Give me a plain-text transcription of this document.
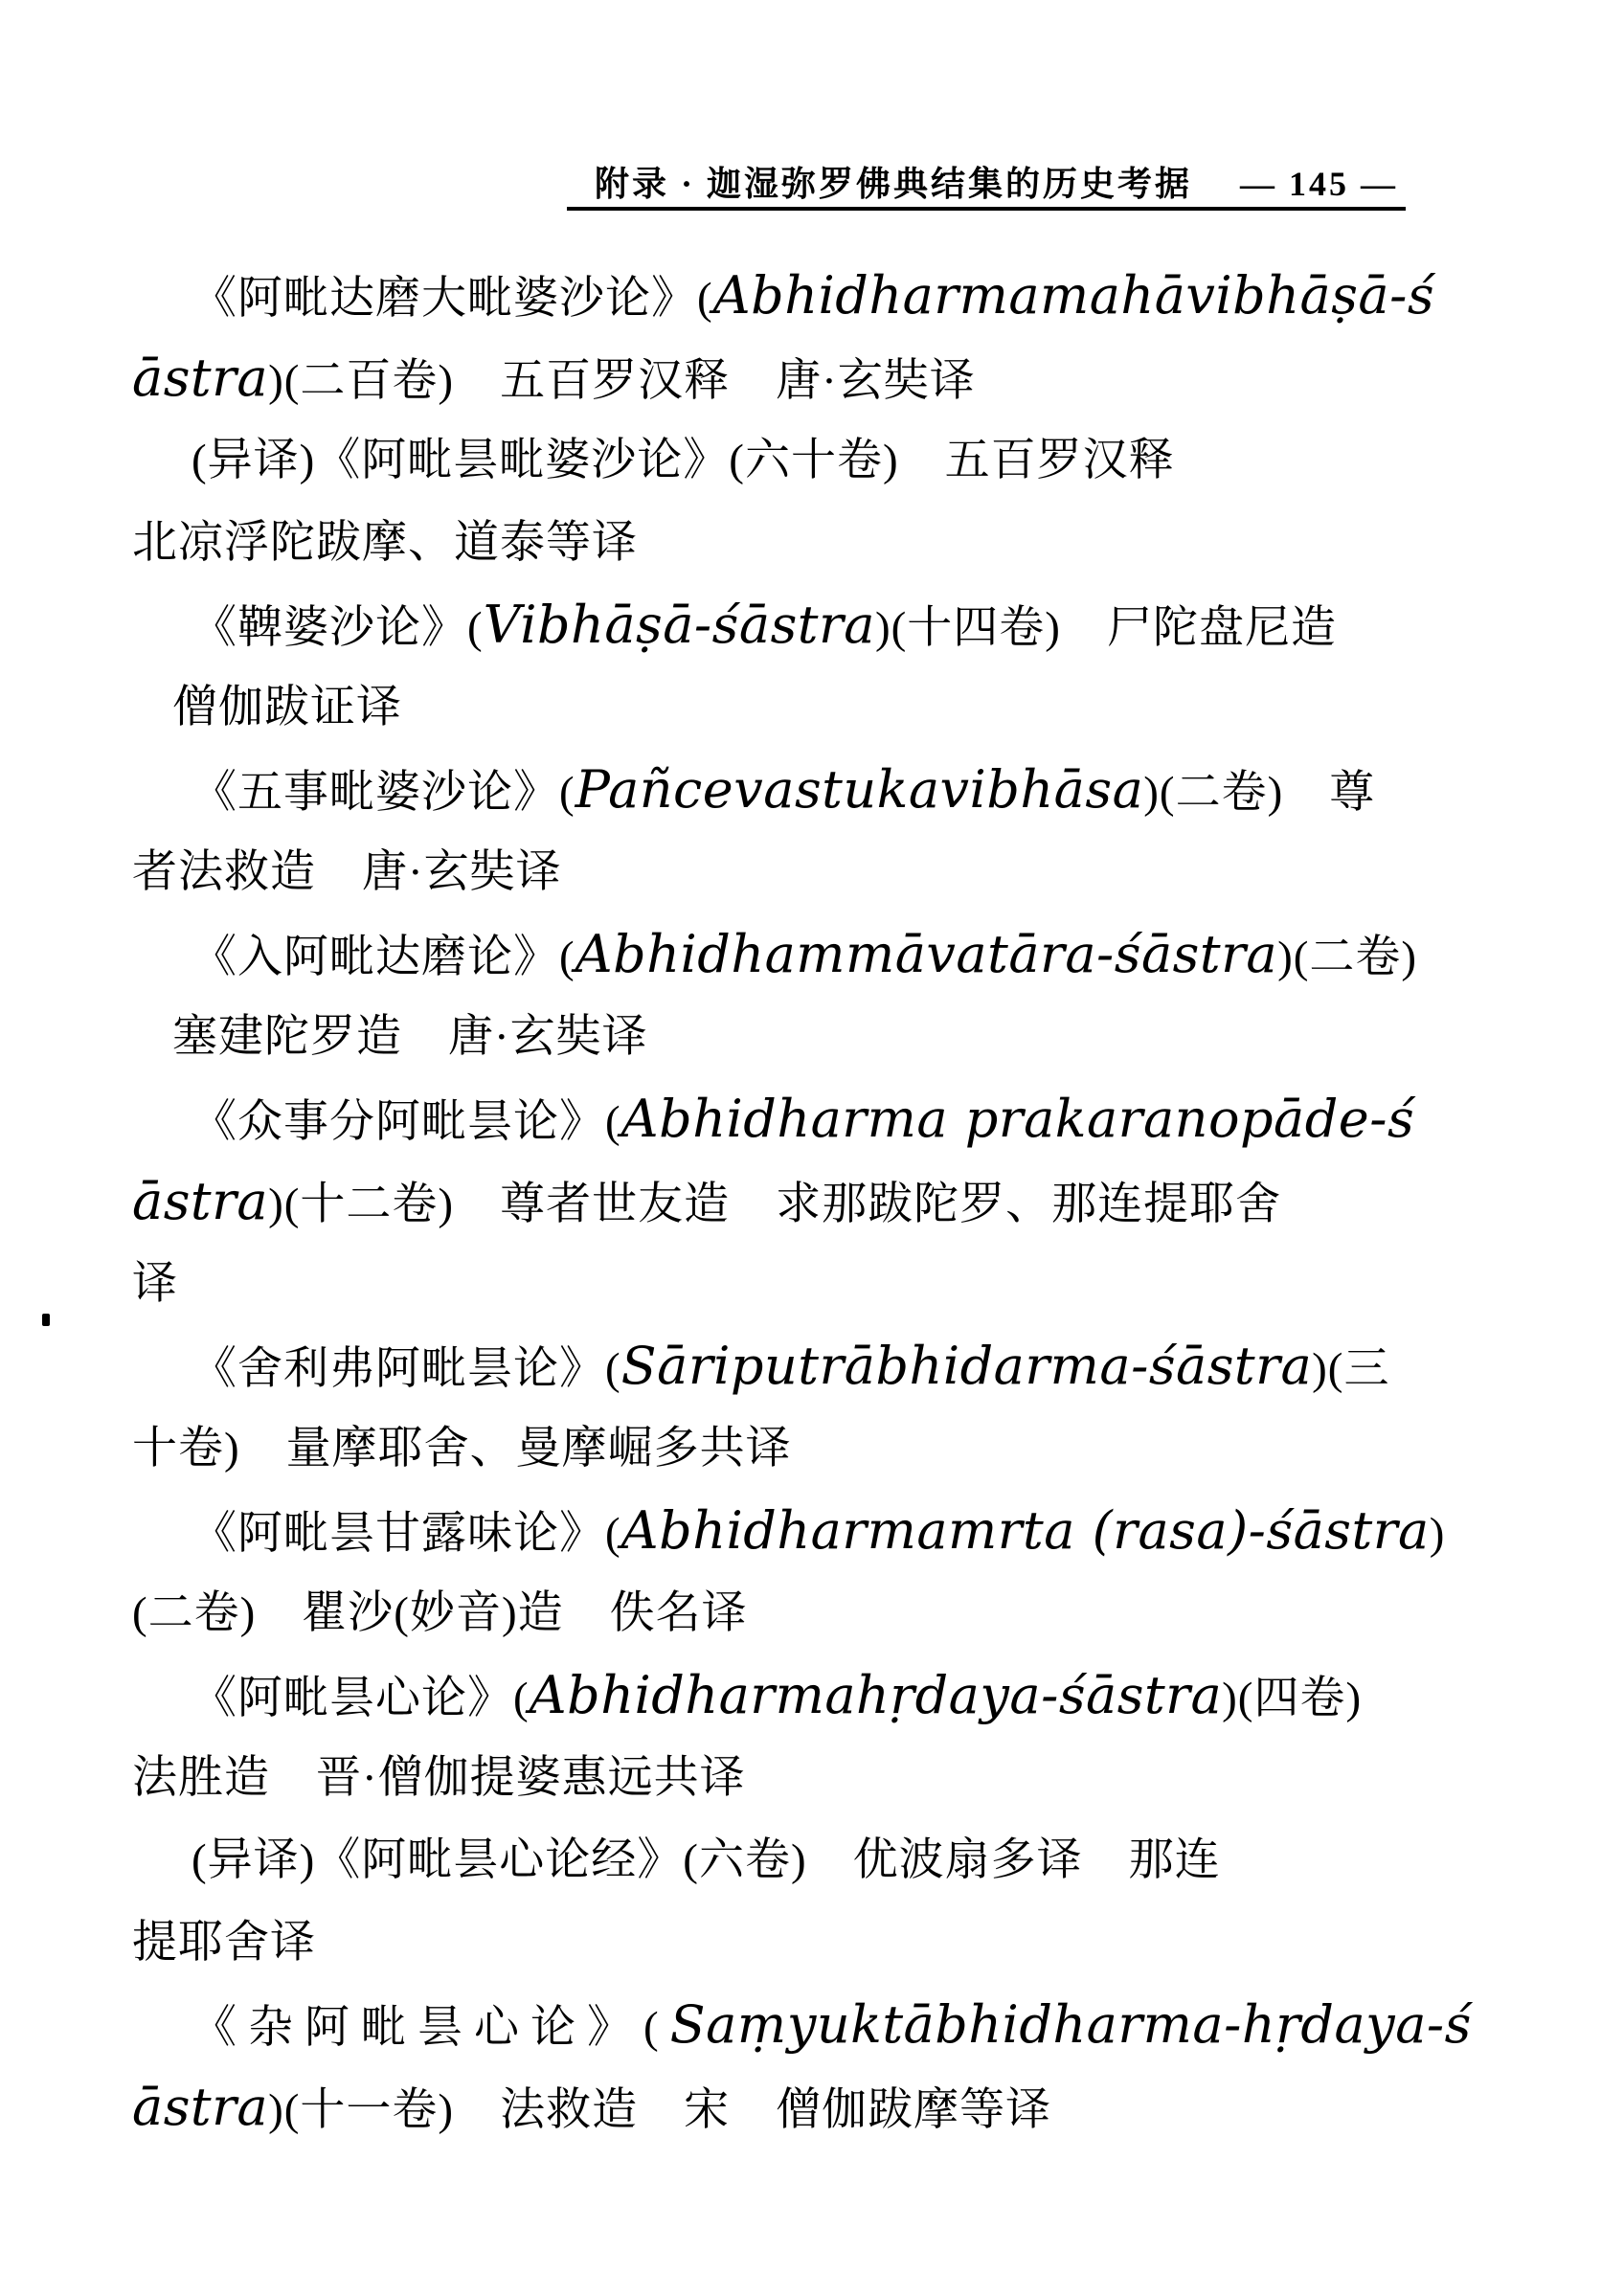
附录 · 迦湿弥罗佛典结集的历史考据 — 145 —
《阿毗达磨大毗婆沙论》(Abhidharmamahāvibhāṣā-ś
āstra)(二百卷)　五百罗汉释　唐·玄奘译
(异译)《阿毗昙毗婆沙论》(六十卷)　五百罗汉释
北凉浮陀跋摩、道泰等译
《鞞婆沙论》(Vibhāṣā-śāstra)(十四卷)　尸陀盘尼造
僧伽跋证译
《五事毗婆沙论》(Pañcevastukavibhāsa)(二卷)　尊
者法救造　唐·玄奘译
《入阿毗达磨论》(Abhidhammāvatāra-śāstra)(二卷)
塞建陀罗造　唐·玄奘译
《众事分阿毗昙论》(Abhidharma prakaranopāde-ś
āstra)(十二卷)　尊者世友造　求那跋陀罗、那连提耶舍
译
《舍利弗阿毗昙论》(Sāriputrābhidarma-śāstra)(三
十卷)　量摩耶舍、曼摩崛多共译
《阿毗昙甘露味论》(Abhidharmamrta (rasa)-śāstra)
(二卷)　瞿沙(妙音)造　佚名译
《阿毗昙心论》(Abhidharmahṛdaya-śāstra)(四卷)
法胜造　晋·僧伽提婆惠远共译
(异译)《阿毗昙心论经》(六卷)　优波扇多译　那连
提耶舍译
《杂阿毗昙心论》(Saṃyuktābhidharma-hṛdaya-ś
āstra)(十一卷)　法救造　宋　僧伽跋摩等译
